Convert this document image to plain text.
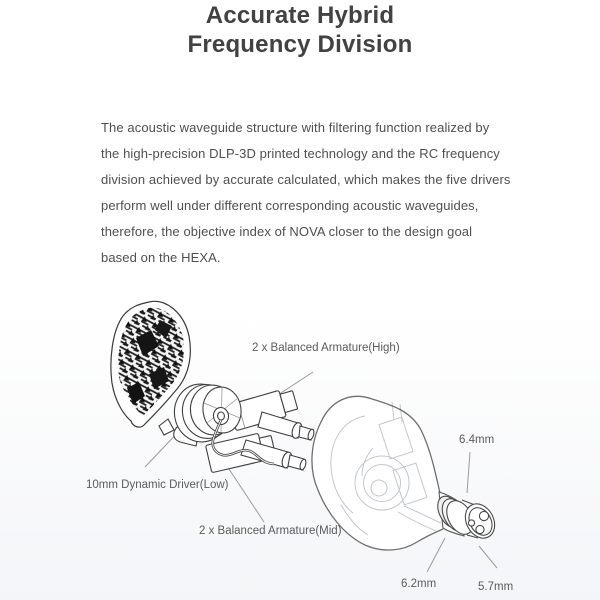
Accurate Hybrid
Frequency Division
The acoustic waveguide structure with filtering function realized by
the high-precision DLP-3D printed technology and the RC frequency
division achieved by accurate calculated, which makes the five drivers
perform well under different corresponding acoustic waveguides,
therefore, the objective index of NOVA closer to the design goal
based on the HEXA.
2 x Balanced Armature(High)
10mm Dynamic Driver(Low)
2 x Balanced Armature(Mid)
6.4mm
6.2mm	5.7mm
